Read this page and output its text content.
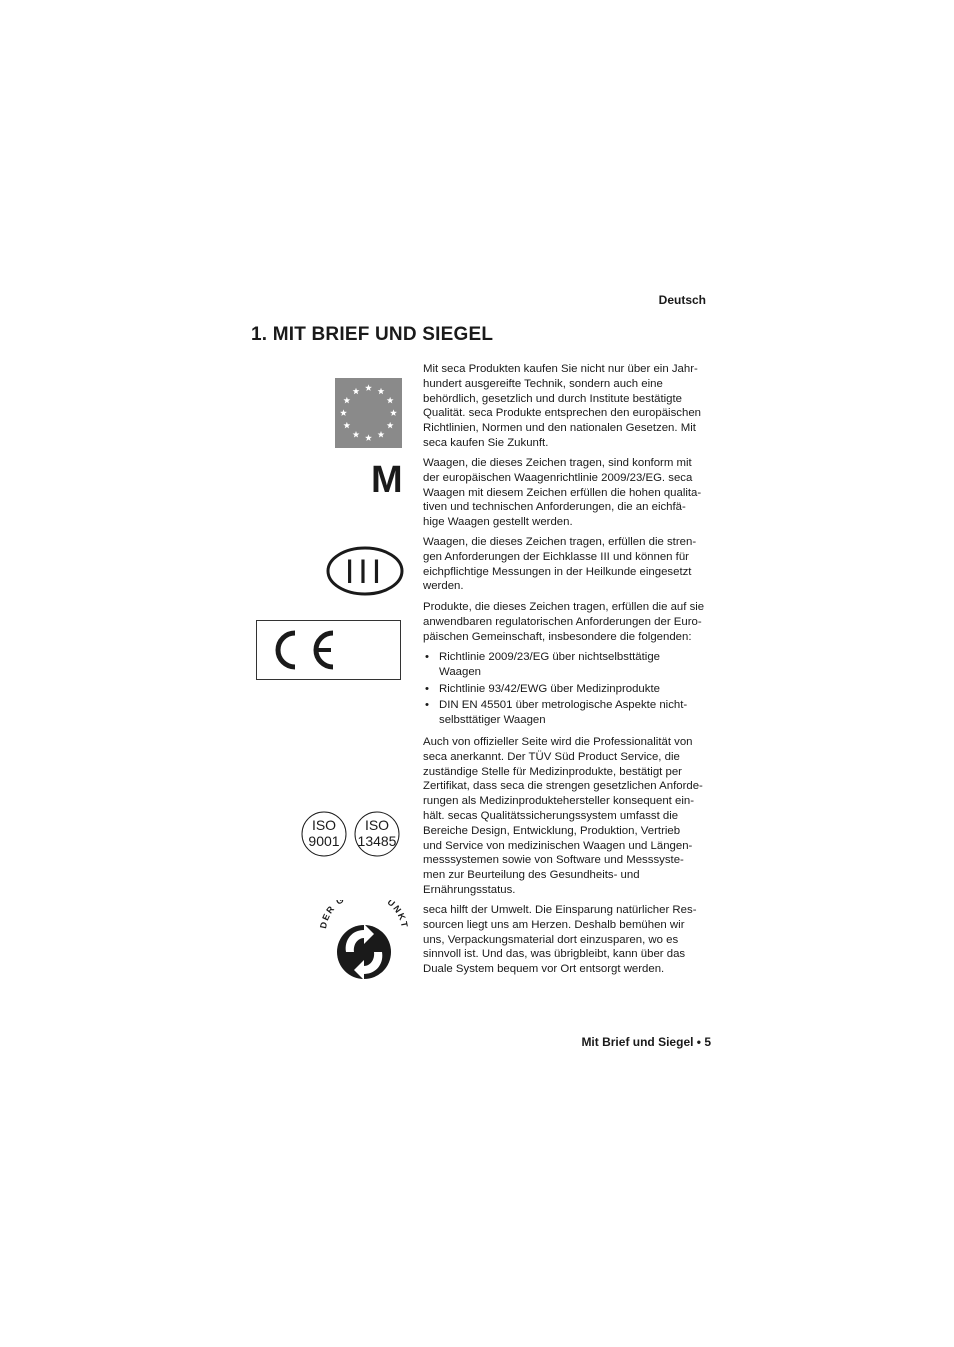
Deutsch
1. MIT BRIEF UND SIEGEL

Mit seca Produkten kaufen Sie nicht nur über ein Jahr-
hundert ausgereifte Technik, sondern auch eine
behördlich, gesetzlich und durch Institute bestätigte
Qualität. seca Produkte entsprechen den europäischen
Richtlinien, Normen und den nationalen Gesetzen. Mit
seca kaufen Sie Zukunft.

Waagen, die dieses Zeichen tragen, sind konform mit
der europäischen Waagenrichtlinie 2009/23/EG. seca
Waagen mit diesem Zeichen erfüllen die hohen qualita-
tiven und technischen Anforderungen, die an eichfä-
hige Waagen gestellt werden.

Waagen, die dieses Zeichen tragen, erfüllen die stren-
gen Anforderungen der Eichklasse III und können für
eichpflichtige Messungen in der Heilkunde eingesetzt
werden.

Produkte, die dieses Zeichen tragen, erfüllen die auf sie
anwendbaren regulatorischen Anforderungen der Euro-
päischen Gemeinschaft, insbesondere die folgenden:

• Richtlinie 2009/23/EG über nichtselbsttätige
Waagen
• Richtlinie 93/42/EWG über Medizinprodukte
• DIN EN 45501 über metrologische Aspekte nicht-
selbsttätiger Waagen

Auch von offizieller Seite wird die Professionalität von
seca anerkannt. Der TÜV Süd Product Service, die
zuständige Stelle für Medizinprodukte, bestätigt per
Zertifikat, dass seca die strengen gesetzlichen Anforde-
rungen als Medizinproduktehersteller konsequent ein-
hält. secas Qualitätssicherungssystem umfasst die
Bereiche Design, Entwicklung, Produktion, Vertrieb
und Service von medizinischen Waagen und Längen-
messsystemen sowie von Software und Messsyste-
men zur Beurteilung des Gesundheits- und
Ernährungsstatus.

seca hilft der Umwelt. Die Einsparung natürlicher Res-
sourcen liegt uns am Herzen. Deshalb bemühen wir
uns, Verpackungsmaterial dort einzusparen, wo es
sinnvoll ist. Und das, was übrigbleibt, kann über das
Duale System bequem vor Ort entsorgt werden.

M
III
CE
ISO
9001
ISO
13485
DER G UNKT
Mit Brief und Siegel • 5
